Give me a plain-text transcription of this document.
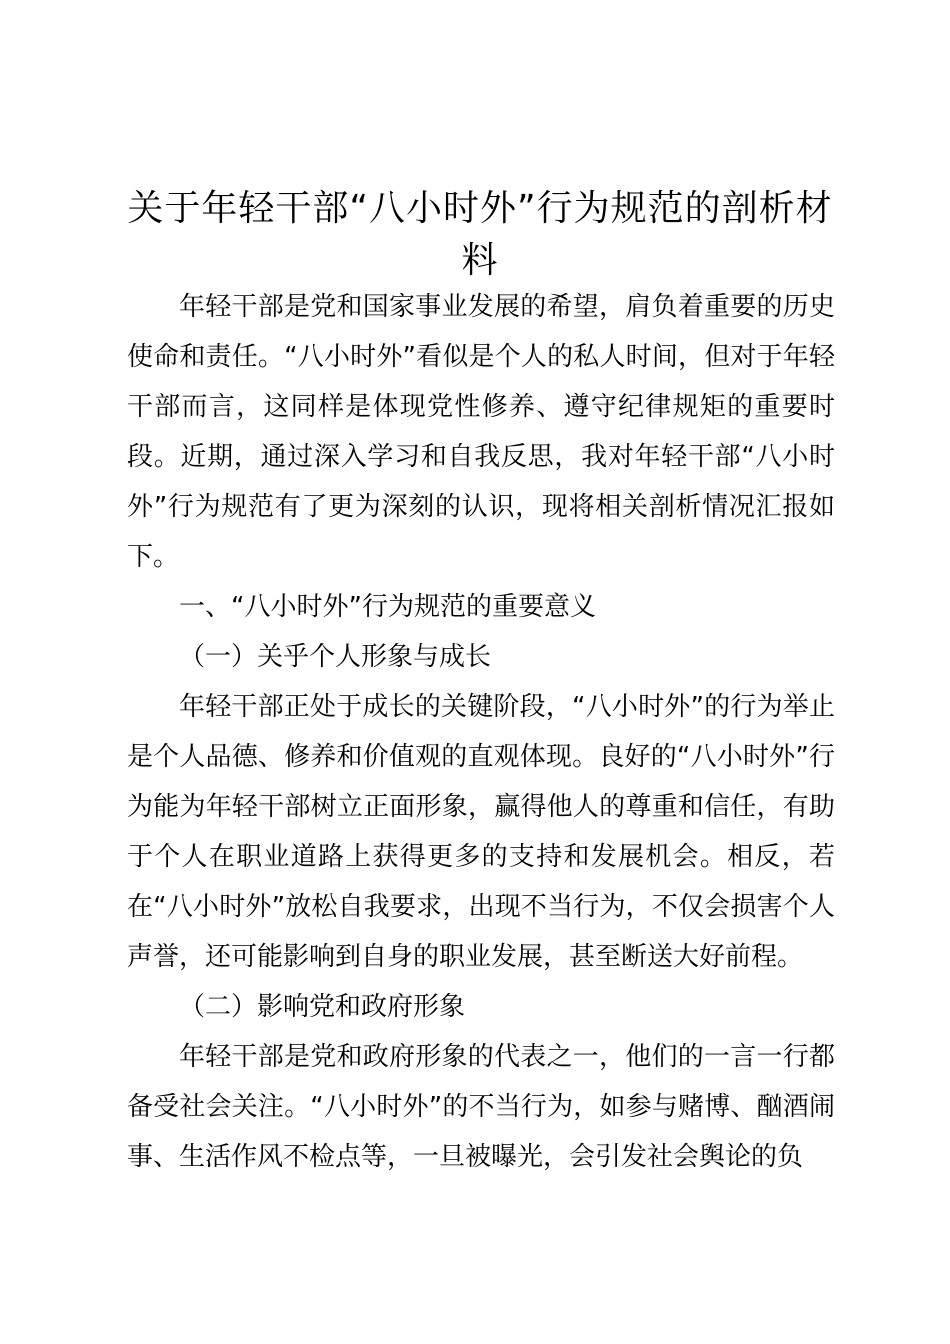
关于年轻干部“八小时外”行为规范的剖析材料

年轻干部是党和国家事业发展的希望，肩负着重要的历史使命和责任。“八小时外”看似是个人的私人时间，但对于年轻干部而言，这同样是体现党性修养、遵守纪律规矩的重要时段。近期，通过深入学习和自我反思，我对年轻干部“八小时外”行为规范有了更为深刻的认识，现将相关剖析情况汇报如下。

一、“八小时外”行为规范的重要意义

（一）关乎个人形象与成长

年轻干部正处于成长的关键阶段，“八小时外”的行为举止是个人品德、修养和价值观的直观体现。良好的“八小时外”行为能为年轻干部树立正面形象，赢得他人的尊重和信任，有助于个人在职业道路上获得更多的支持和发展机会。相反，若在“八小时外”放松自我要求，出现不当行为，不仅会损害个人声誉，还可能影响到自身的职业发展，甚至断送大好前程。

（二）影响党和政府形象

年轻干部是党和政府形象的代表之一，他们的一言一行都备受社会关注。“八小时外”的不当行为，如参与赌博、酗酒闹事、生活作风不检点等，一旦被曝光，会引发社会舆论的负
